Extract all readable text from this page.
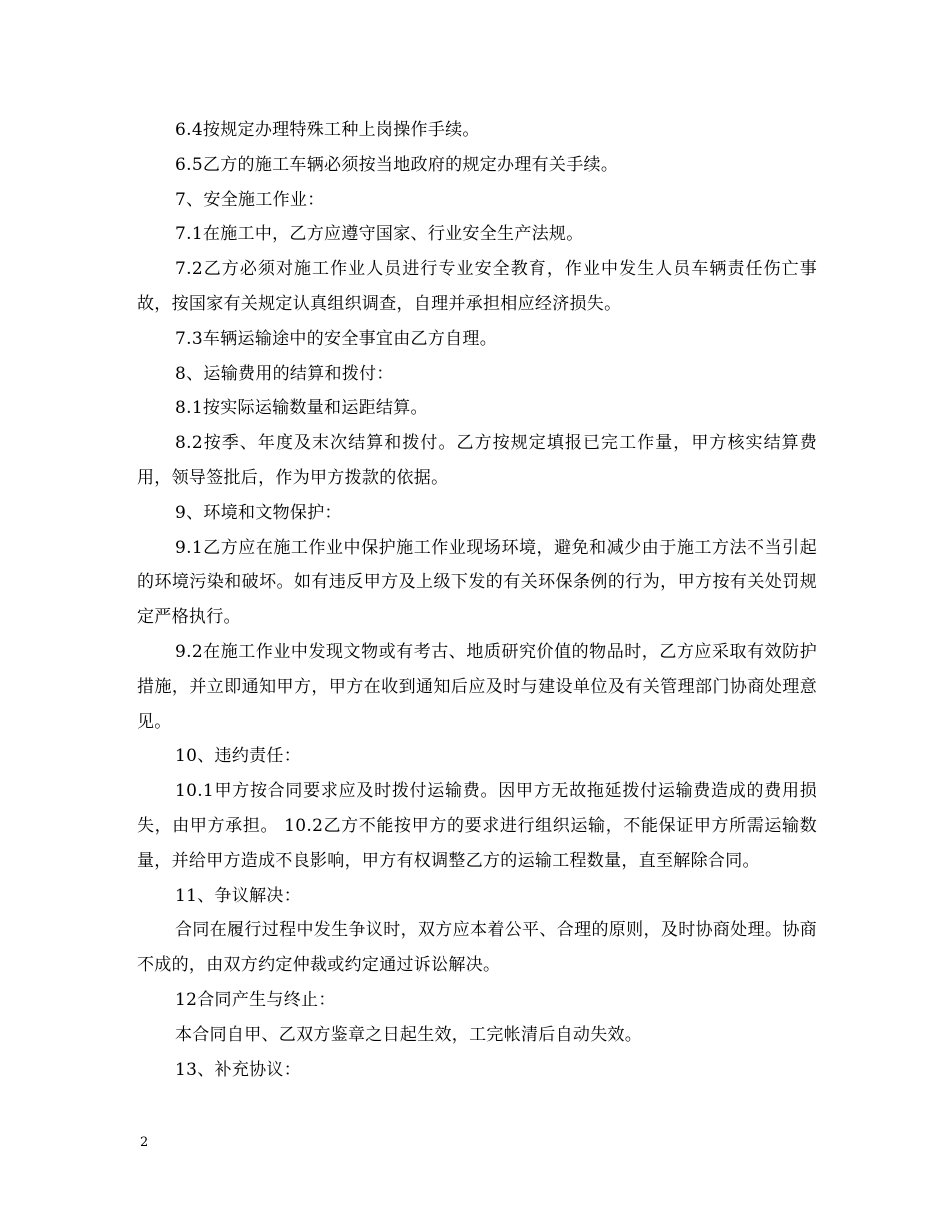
6.4按规定办理特殊工种上岗操作手续。

6.5乙方的施工车辆必须按当地政府的规定办理有关手续。

7、安全施工作业：

7.1在施工中，乙方应遵守国家、行业安全生产法规。

7.2乙方必须对施工作业人员进行专业安全教育，作业中发生人员车辆责任伤亡事故，按国家有关规定认真组织调查，自理并承担相应经济损失。

7.3车辆运输途中的安全事宜由乙方自理。

8、运输费用的结算和拨付：

8.1按实际运输数量和运距结算。

8.2按季、年度及末次结算和拨付。乙方按规定填报已完工作量，甲方核实结算费用，领导签批后，作为甲方拨款的依据。

9、环境和文物保护：

9.1乙方应在施工作业中保护施工作业现场环境，避免和减少由于施工方法不当引起的环境污染和破坏。如有违反甲方及上级下发的有关环保条例的行为，甲方按有关处罚规定严格执行。

9.2在施工作业中发现文物或有考古、地质研究价值的物品时，乙方应采取有效防护措施，并立即通知甲方，甲方在收到通知后应及时与建设单位及有关管理部门协商处理意见。

10、违约责任：

10.1甲方按合同要求应及时拨付运输费。因甲方无故拖延拨付运输费造成的费用损失，由甲方承担。 10.2乙方不能按甲方的要求进行组织运输，不能保证甲方所需运输数量，并给甲方造成不良影响，甲方有权调整乙方的运输工程数量，直至解除合同。

11、争议解决：

合同在履行过程中发生争议时，双方应本着公平、合理的原则，及时协商处理。协商不成的，由双方约定仲裁或约定通过诉讼解决。

12合同产生与终止：

本合同自甲、乙双方鉴章之日起生效，工完帐清后自动失效。

13、补充协议：

2
